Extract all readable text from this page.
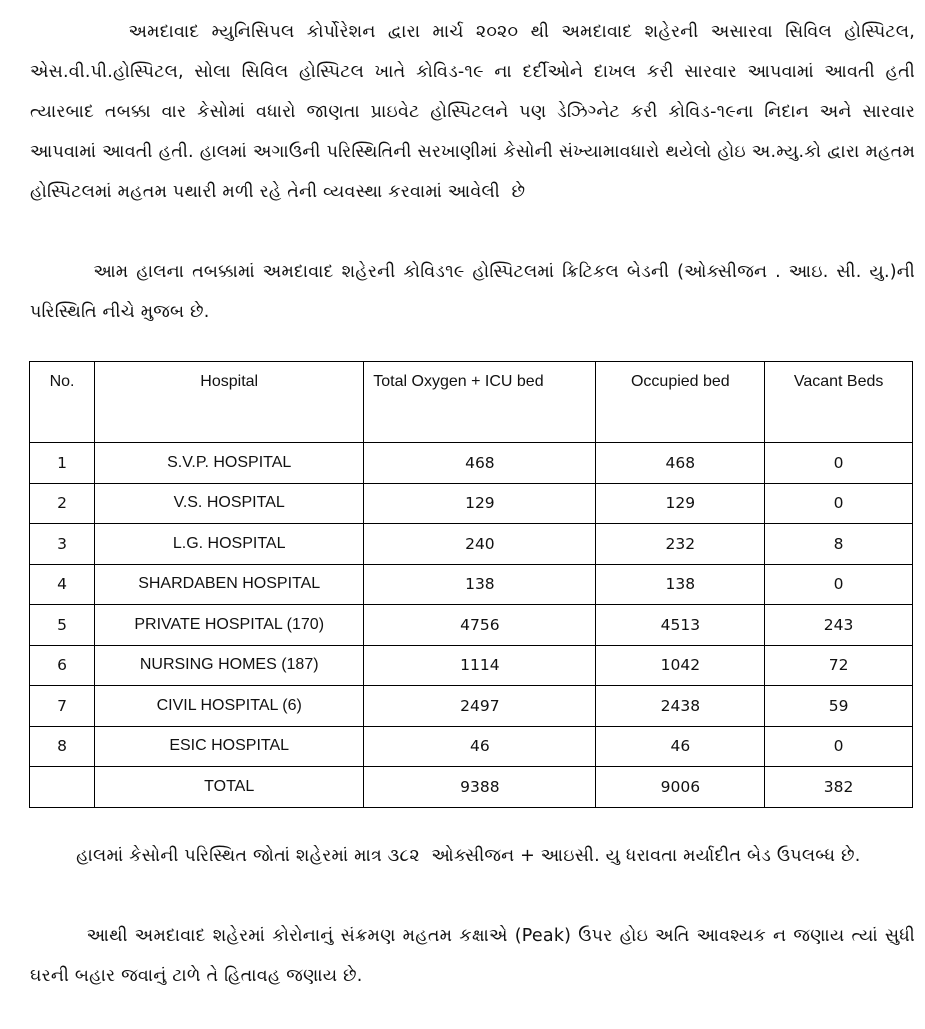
અમદાવાદ મ્યુનિસિપલ કોર્પોરેશન દ્વારા માર્ચ ૨૦૨૦ થી અમદાવાદ શહેરની અસારવા સિવિલ હોસ્પિટલ, એસ.વી.પી.હોસ્પિટલ, સોલા સિવિલ હોસ્પિટલ ખાતે કોવિડ-૧૯ ના દર્દીઓને દાખલ કરી સારવાર આપવામાં આવતી હતી ત્યારબાદ તબક્કા વાર કેસોમાં વધારો જાણતા પ્રાઇવેટ હોસ્પિટલને પણ ડેઝિગ્નેટ કરી કોવિડ-૧૯ના નિદાન અને સારવાર આપવામાં આવતી હતી. હાલમાં અગાઉની પરિસ્થિતિની સરખાણીમાં કેસોની સંખ્યામાવધારો થયેલો હોઇ અ.મ્યુ.કો દ્વારા મહતમ હોસ્પિટલમાં મહતમ પથારી મળી રહે તેની વ્યવસ્થા કરવામાં આવેલી  છે
આમ હાલના તબક્કામાં અમદાવાદ શહેરની કોવિડ૧૯ હોસ્પિટલમાં ક્રિટિકલ બેડની (ઓક્સીજન . આઇ. સી. યુ.)ની પરિસ્થિતિ નીચે મુજબ છે.
No.	Hospital	Total Oxygen + ICU bed	Occupied bed	Vacant Beds
1	S.V.P. HOSPITAL	468	468	0
2	V.S. HOSPITAL	129	129	0
3	L.G. HOSPITAL	240	232	8
4	SHARDABEN HOSPITAL	138	138	0
5	PRIVATE HOSPITAL (170)	4756	4513	243
6	NURSING HOMES (187)	1114	1042	72
7	CIVIL HOSPITAL (6)	2497	2438	59
8	ESIC HOSPITAL	46	46	0
	TOTAL	9388	9006	382
હાલમાં કેસોની પરિસ્થિત જોતાં શહેરમાં માત્ર ૩૮૨  ઓક્સીજન + આઇસી. યુ ધરાવતા મર્યાદીત બેડ ઉપલબ્ધ છે.
આથી અમદાવાદ શહેરમાં કોરોનાનું સંક્રમણ મહતમ કક્ષાએ (Peak) ઉપર હોઇ અતિ આવશ્યક ન જણાય ત્યાં સુધી ઘરની બહાર જવાનું ટાળે તે હિતાવહ જણાય છે.
